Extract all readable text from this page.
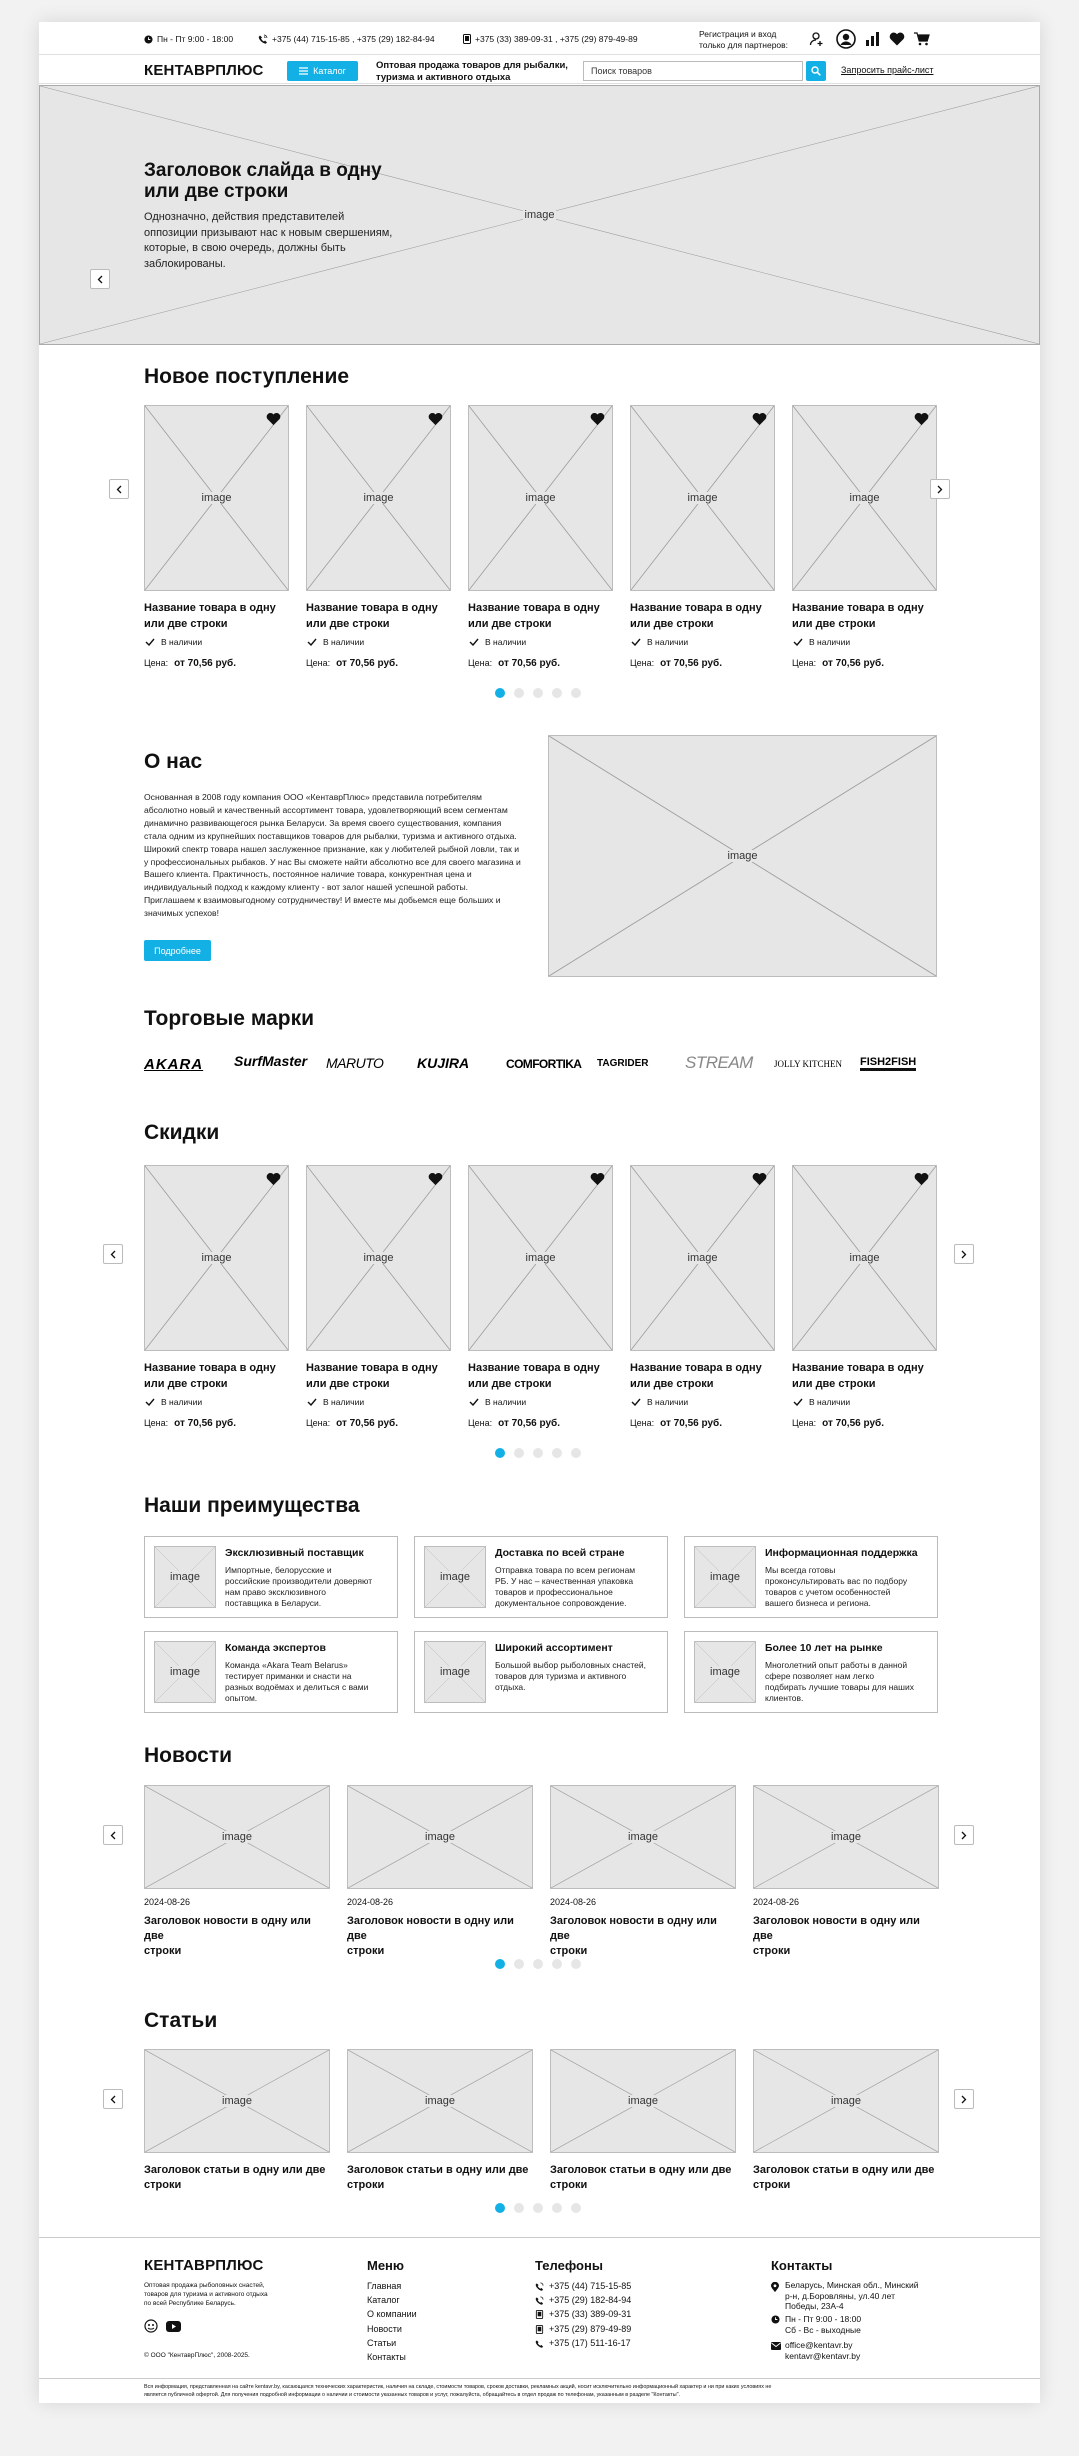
Пн - Пт 9:00 - 18:00	+375 (44) 715-15-85 , +375 (29) 182-84-94	+375 (33) 389-09-31 , +375 (29) 879-49-89	Регистрация и вход
только для партнеров:
КЕНТАВРПЛЮС	Каталог	Оптовая продажа товаров для рыбалки,
туризма и активного отдыха
Поиск товаров	Запросить прайс-лист
image
Заголовок слайда в одну
или две строки
Однозначно, действия представителей
оппозиции призывают нас к новым свершениям,
которые, в свою очередь, должны быть
заблокированы.
Новое поступление
image
Название товара в одну
или две строки
В наличии
Цена: от 70,56 руб.
image
Название товара в одну
или две строки
В наличии
Цена: от 70,56 руб.
image
Название товара в одну
или две строки
В наличии
Цена: от 70,56 руб.
image
Название товара в одну
или две строки
В наличии
Цена: от 70,56 руб.
image
Название товара в одну
или две строки
В наличии
Цена: от 70,56 руб.
О нас
Основанная в 2008 году компания ООО «КентаврПлюс» представила потребителям
абсолютно новый и качественный ассортимент товара, удовлетворяющий всем сегментам
динамично развивающегося рынка Беларуси. За время своего существования, компания
стала одним из крупнейших поставщиков товаров для рыбалки, туризма и активного отдыха.
Широкий спектр товара нашел заслуженное признание, как у любителей рыбной ловли, так и
у профессиональных рыбаков. У нас Вы сможете найти абсолютно все для своего магазина и
Вашего клиента. Практичность, постоянное наличие товара, конкурентная цена и
индивидуальный подход к каждому клиенту - вот залог нашей успешной работы.
Приглашаем к взаимовыгодному сотрудничеству! И вместе мы добьемся еще больших и
значимых успехов!
Подробнее
image
Торговые марки
AKARA SurfMaster MARUTO KUJIRA	COMFORTIKA TAGRIDER STREAM JOLLY KITCHEN FISH2FISH
Скидки
image
Название товара в одну
или две строки
В наличии
Цена: от 70,56 руб.
image
Название товара в одну
или две строки
В наличии
Цена: от 70,56 руб.
image
Название товара в одну
или две строки
В наличии
Цена: от 70,56 руб.
image
Название товара в одну
или две строки
В наличии
Цена: от 70,56 руб.
image
Название товара в одну
или две строки
В наличии
Цена: от 70,56 руб.
Наши преимущества
image
Эксклюзивный поставщик
Импортные, белорусские и
российские производители доверяют
нам право эксклюзивного
поставщика в Беларуси.
image
Доставка по всей стране
Отправка товара по всем регионам
РБ. У нас – качественная упаковка
товаров и профессиональное
документальное сопровождение.
image
Информационная поддержка
Мы всегда готовы
проконсультировать вас по подбору
товаров с учетом особенностей
вашего бизнеса и региона.
image
Команда экспертов
Команда «Akara Team Belarus»
тестирует приманки и снасти на
разных водоёмах и делиться с вами
опытом.
image
Широкий ассортимент
Большой выбор рыболовных снастей,
товаров для туризма и активного
отдыха.
image
Более 10 лет на рынке
Многолетний опыт работы в данной
сфере позволяет нам легко
подбирать лучшие товары для наших
клиентов.
Новости
image
2024-08-26
Заголовок новости в одну или две
строки
image
2024-08-26
Заголовок новости в одну или две
строки
image
2024-08-26
Заголовок новости в одну или две
строки
image
2024-08-26
Заголовок новости в одну или две
строки
Статьи
image
Заголовок статьи в одну или две
строки
image
Заголовок статьи в одну или две
строки
image
Заголовок статьи в одну или две
строки
image
Заголовок статьи в одну или две
строки
КЕНТАВРПЛЮС
Оптовая продажа рыболовных снастей,
товаров для туризма и активного отдыха
по всей Республике Беларусь.
© ООО "КентаврПлюс", 2008-2025.
Меню
Главная
Каталог
О компании
Новости
Статьи
Контакты
Телефоны
+375 (44) 715-15-85
+375 (29) 182-84-94
+375 (33) 389-09-31
+375 (29) 879-49-89
+375 (17) 511-16-17
Контакты
Беларусь, Минская обл., Минский
р-н, д.Боровляны, ул.40 лет
Победы, 23А-4
Пн - Пт 9:00 - 18:00
Сб - Вс - выходные
office@kentavr.by
kentavr@kentavr.by
Вся информация, представленная на сайте kentavr.by, касающаяся технических характеристик, наличия на складе, стоимости товаров, сроков доставки, рекламных акций, носит исключительно информационный характер и ни при каких условиях не
является публичной офертой. Для получения подробной информации о наличии и стоимости указанных товаров и услуг, пожалуйста, обращайтесь в отдел продаж по телефонам, указанным в разделе "Контакты".
